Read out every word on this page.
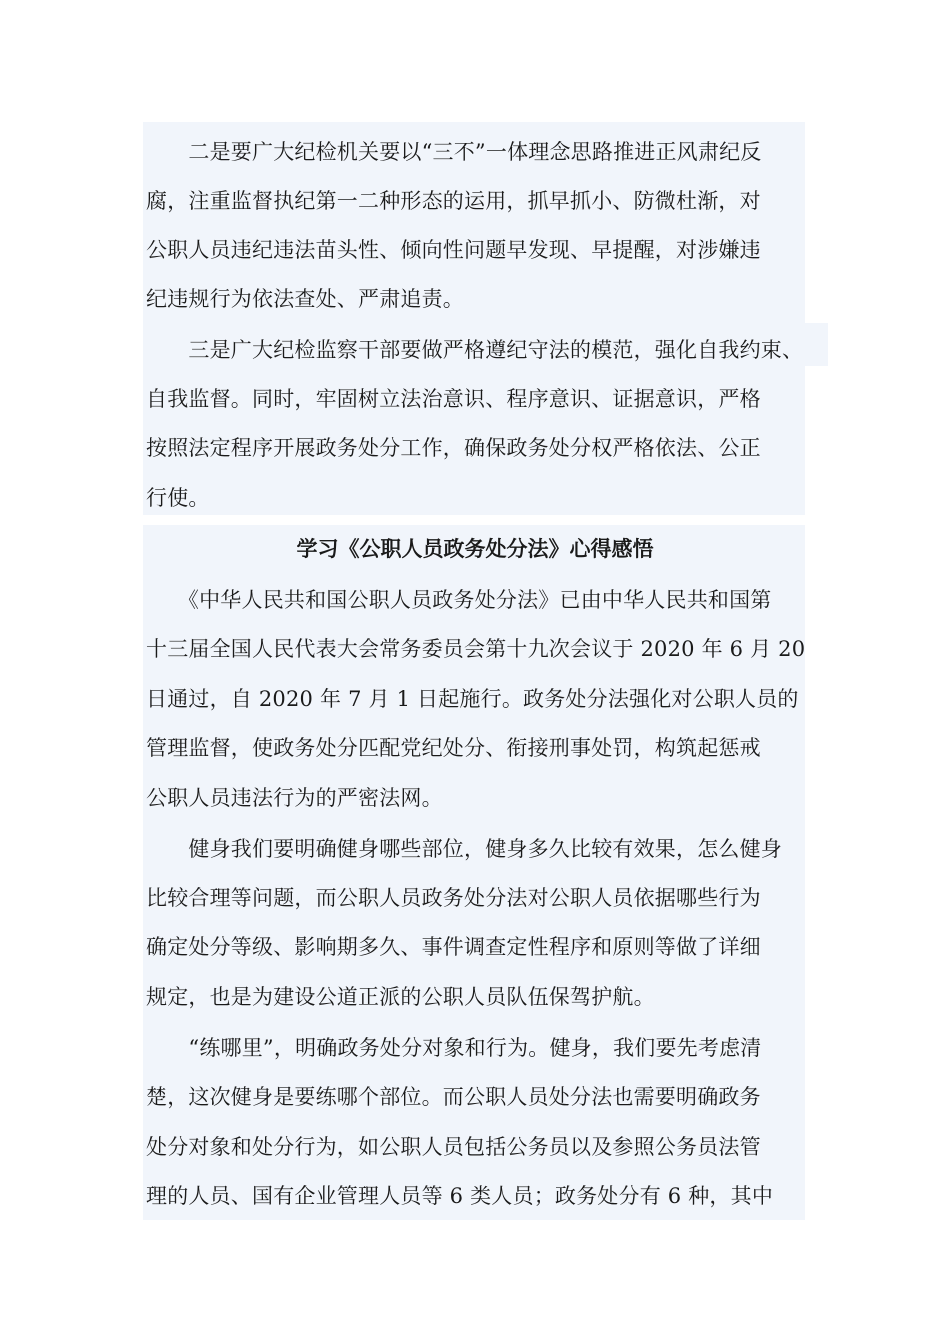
　　二是要广大纪检机关要以“三不”一体理念思路推进正风肃纪反
腐，注重监督执纪第一二种形态的运用，抓早抓小、防微杜渐，对
公职人员违纪违法苗头性、倾向性问题早发现、早提醒，对涉嫌违
纪违规行为依法查处、严肃追责。
　　三是广大纪检监察干部要做严格遵纪守法的模范，强化自我约束、
自我监督。同时，牢固树立法治意识、程序意识、证据意识，严格
按照法定程序开展政务处分工作，确保政务处分权严格依法、公正
行使。
学习《公职人员政务处分法》心得感悟
　　《中华人民共和国公职人员政务处分法》已由中华人民共和国第
十三届全国人民代表大会常务委员会第十九次会议于 2020 年 6 月 20
日通过，自 2020 年 7 月 1 日起施行。政务处分法强化对公职人员的
管理监督，使政务处分匹配党纪处分、衔接刑事处罚，构筑起惩戒
公职人员违法行为的严密法网。
　　健身我们要明确健身哪些部位，健身多久比较有效果，怎么健身
比较合理等问题，而公职人员政务处分法对公职人员依据哪些行为
确定处分等级、影响期多久、事件调查定性程序和原则等做了详细
规定，也是为建设公道正派的公职人员队伍保驾护航。
　　“练哪里”，明确政务处分对象和行为。健身，我们要先考虑清
楚，这次健身是要练哪个部位。而公职人员处分法也需要明确政务
处分对象和处分行为，如公职人员包括公务员以及参照公务员法管
理的人员、国有企业管理人员等 6 类人员；政务处分有 6 种，其中
